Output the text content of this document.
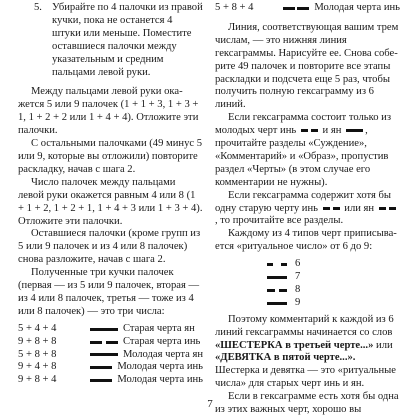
5. Убирайте по 4 палочки из правой кучки, пока не останется 4 штуки или меньше. Поместите оставшиеся палочки между указательным и средним пальцами левой руки.

Между пальцами левой руки окажется 5 или 9 палочек (1 + 1 + 3, 1 + 3 + 1, 1 + 2 + 2 или 1 + 4 + 4). Отложите эти палочки.

С остальными палочками (49 минус 5 или 9, которые вы отложили) повторите раскладку, начав с шага 2.

Число палочек между пальцами левой руки окажется равным 4 или 8 (1 + 1 + 2, 1 + 2 + 1, 1 + 4 + 3 или 1 + 3 + 4). Отложите эти палочки.

Оставшиеся палочки (кроме групп из 5 или 9 палочек и из 4 или 8 палочек) снова разложите, начав с шага 2.

Полученные три кучки палочек (первая — из 5 или 9 палочек, вторая — из 4 или 8 палочек, третья — тоже из 4 или 8 палочек) — это три числа:

5 + 4 + 4	Старая черта ян
9 + 8 + 8	Старая черта инь
5 + 8 + 8	Молодая черта ян
9 + 4 + 8	Молодая черта инь
9 + 8 + 4	Молодая черта инь
5 + 8 + 4	Молодая черта инь

Линия, соответствующая вашим трем числам, — это нижняя линия гексаграммы. Нарисуйте ее. Снова соберите 49 палочек и повторите все этапы раскладки и подсчета еще 5 раз, чтобы получить полную гексаграмму из 6 линий.

Если гексаграмма состоит только из молодых черт инь и ян , прочитайте разделы «Суждение», «Комментарий» и «Образ», пропустив раздел «Черты» (в этом случае его комментарии не нужны).

Если гексаграмма содержит хотя бы одну старую черту инь или ян , то прочитайте все разделы.

Каждому из 4 типов черт приписывается «ритуальное число» от 6 до 9:

6
7
8
9

Поэтому комментарий к каждой из 6 линий гексаграммы начинается со слов «ШЕСТЕРКА в третьей черте...» или «ДЕВЯТКА в пятой черте...». Шестерка и девятка — это «ритуальные числа» для старых черт инь и ян.

Если в гексаграмме есть хотя бы одна из этих важных черт, хорошо вы

7
